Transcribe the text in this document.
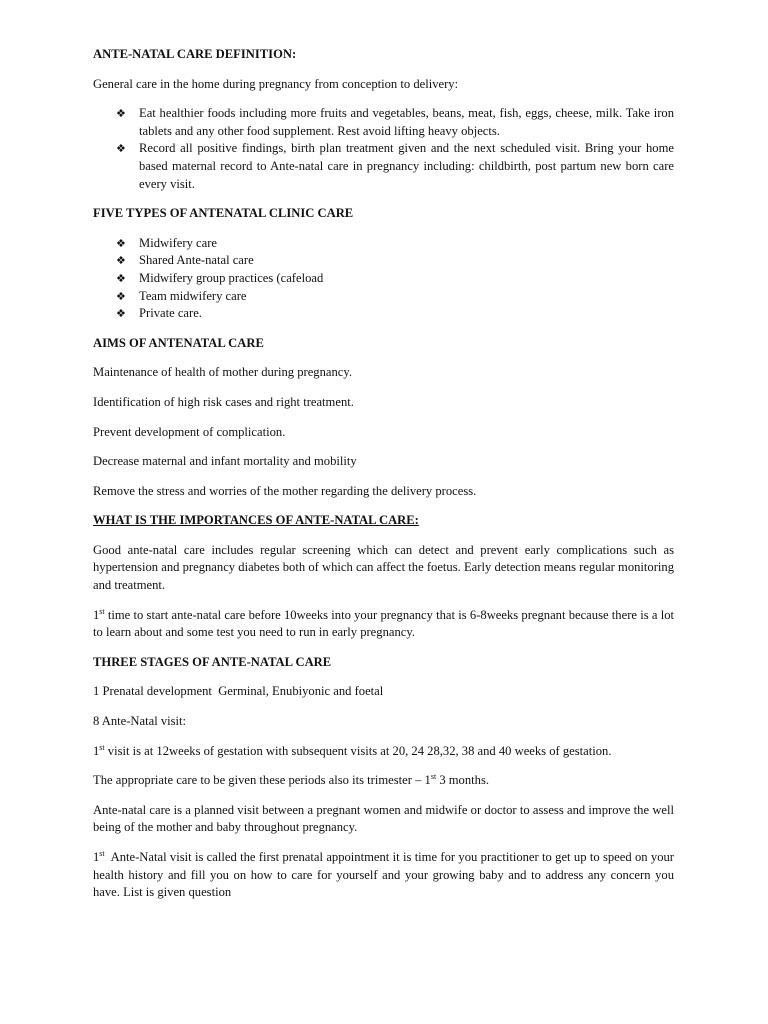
ANTE-NATAL CARE DEFINITION:

General care in the home during pregnancy from conception to delivery:

❖ Eat healthier foods including more fruits and vegetables, beans, meat, fish, eggs, cheese, milk. Take iron tablets and any other food supplement. Rest avoid lifting heavy objects.
❖ Record all positive findings, birth plan treatment given and the next scheduled visit. Bring your home based maternal record to Ante-natal care in pregnancy including: childbirth, post partum new born care every visit.
FIVE TYPES OF ANTENATAL CLINIC CARE
❖ Midwifery care
❖ Shared Ante-natal care
❖ Midwifery group practices (cafeload
❖ Team midwifery care
❖ Private care.
AIMS OF ANTENATAL CARE

Maintenance of health of mother during pregnancy.

Identification of high risk cases and right treatment.

Prevent development of complication.

Decrease maternal and infant mortality and mobility

Remove the stress and worries of the mother regarding the delivery process.

WHAT IS THE IMPORTANCES OF ANTE-NATAL CARE:

Good ante-natal care includes regular screening which can detect and prevent early complications such as hypertension and pregnancy diabetes both of which can affect the foetus. Early detection means regular monitoring and treatment.

1st time to start ante-natal care before 10weeks into your pregnancy that is 6-8weeks pregnant because there is a lot to learn about and some test you need to run in early pregnancy.

THREE STAGES OF ANTE-NATAL CARE

1 Prenatal development  Germinal, Enubiyonic and foetal

8 Ante-Natal visit:

1st visit is at 12weeks of gestation with subsequent visits at 20, 24 28,32, 38 and 40 weeks of gestation.

The appropriate care to be given these periods also its trimester – 1st 3 months.

Ante-natal care is a planned visit between a pregnant women and midwife or doctor to assess and improve the well being of the mother and baby throughout pregnancy.

1st  Ante-Natal visit is called the first prenatal appointment it is time for you practitioner to get up to speed on your health history and fill you on how to care for yourself and your growing baby and to address any concern you have. List is given question
